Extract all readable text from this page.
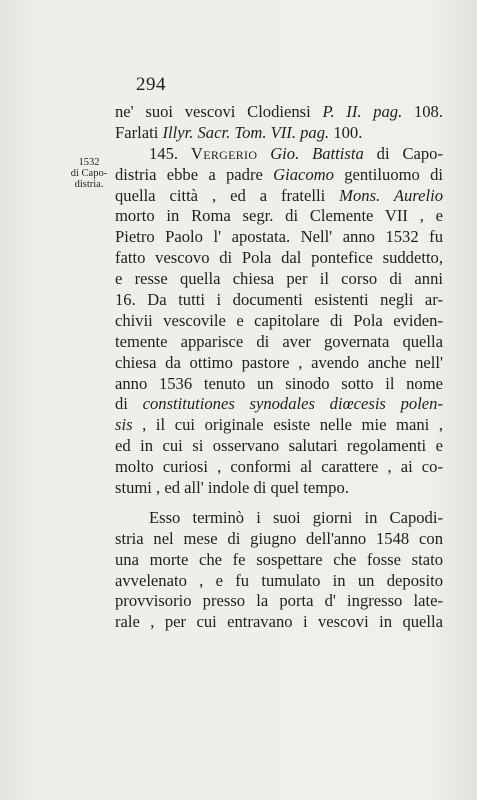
294
1532
di Capo-
distria.
ne' suoi vescovi Clodiensi P. II. pag. 108.
Farlati Illyr. Sacr. Tom. VII. pag. 100.
145. Vergerio Gio. Battista di Capo-
distria ebbe a padre Giacomo gentiluomo di
quella città , ed a fratelli Mons. Aurelio
morto in Roma segr. di Clemente VII , e
Pietro Paolo l' apostata. Nell' anno 1532 fu
fatto vescovo di Pola dal pontefice suddetto,
e resse quella chiesa per il corso di anni
16. Da tutti i documenti esistenti negli ar-
chivii vescovile e capitolare di Pola eviden-
temente apparisce di aver governata quella
chiesa da ottimo pastore , avendo anche nell'
anno 1536 tenuto un sinodo sotto il nome
di constitutiones synodales diœcesis polen-
sis , il cui originale esiste nelle mie mani ,
ed in cui si osservano salutari regolamenti e
molto curiosi , conformi al carattere , ai co-
stumi , ed all' indole di quel tempo.
Esso terminò i suoi giorni in Capodi-
stria nel mese di giugno dell'anno 1548 con
una morte che fe sospettare che fosse stato
avvelenato , e fu tumulato in un deposito
provvisorio presso la porta d' ingresso late-
rale , per cui entravano i vescovi in quella
